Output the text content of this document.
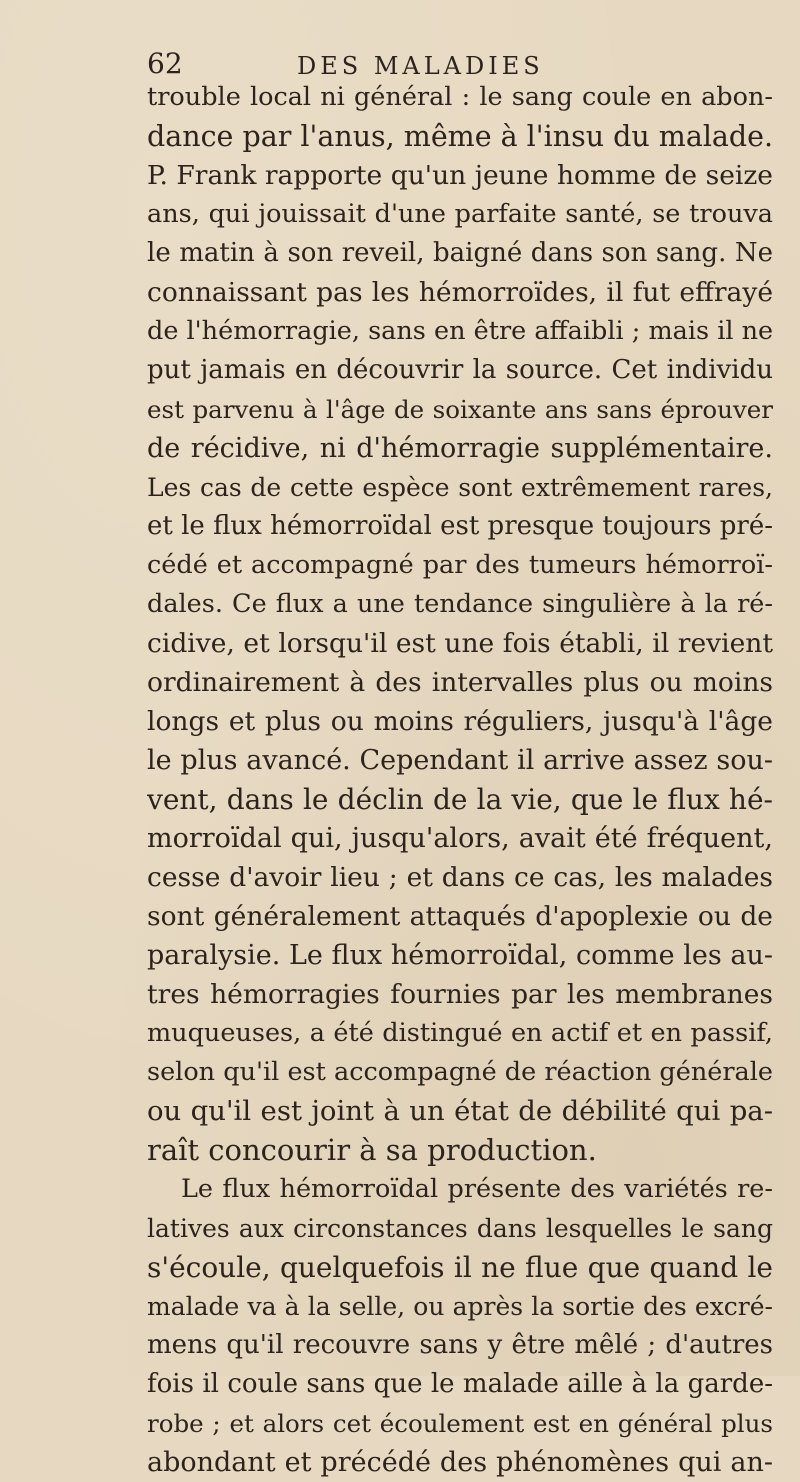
62	DES MALADIES
trouble local ni général : le sang coule en abon-
dance par l'anus, même à l'insu du malade.
P. Frank rapporte qu'un jeune homme de seize
ans, qui jouissait d'une parfaite santé, se trouva
le matin à son reveil, baigné dans son sang. Ne
connaissant pas les hémorroïdes, il fut effrayé
de l'hémorragie, sans en être affaibli ; mais il ne
put jamais en découvrir la source. Cet individu
est parvenu à l'âge de soixante ans sans éprouver
de récidive, ni d'hémorragie supplémentaire.
Les cas de cette espèce sont extrêmement rares,
et le flux hémorroïdal est presque toujours pré-
cédé et accompagné par des tumeurs hémorroï-
dales. Ce flux a une tendance singulière à la ré-
cidive, et lorsqu'il est une fois établi, il revient
ordinairement à des intervalles plus ou moins
longs et plus ou moins réguliers, jusqu'à l'âge
le plus avancé. Cependant il arrive assez sou-
vent, dans le déclin de la vie, que le flux hé-
morroïdal qui, jusqu'alors, avait été fréquent,
cesse d'avoir lieu ; et dans ce cas, les malades
sont généralement attaqués d'apoplexie ou de
paralysie. Le flux hémorroïdal, comme les au-
tres hémorragies fournies par les membranes
muqueuses, a été distingué en actif et en passif,
selon qu'il est accompagné de réaction générale
ou qu'il est joint à un état de débilité qui pa-
raît concourir à sa production.
Le flux hémorroïdal présente des variétés re-
latives aux circonstances dans lesquelles le sang
s'écoule, quelquefois il ne flue que quand le
malade va à la selle, ou après la sortie des excré-
mens qu'il recouvre sans y être mêlé ; d'autres
fois il coule sans que le malade aille à la garde-
robe ; et alors cet écoulement est en général plus
abondant et précédé des phénomènes qui an-
